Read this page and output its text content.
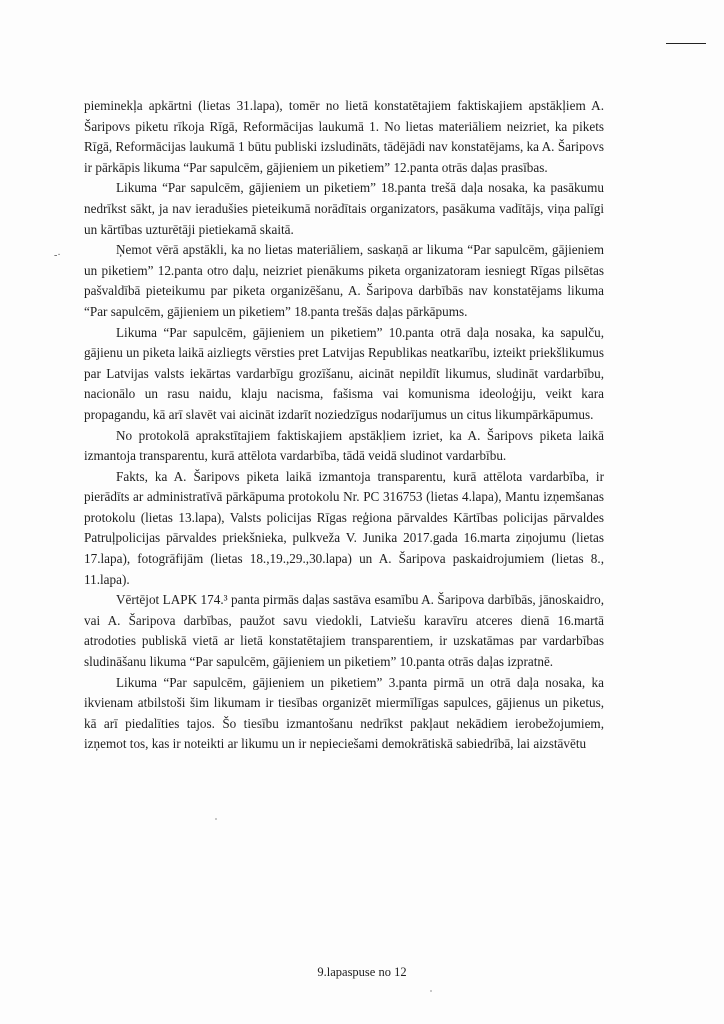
-·

pieminekļa apkārtni (lietas 31.lapa), tomēr no lietā konstatētajiem faktiskajiem apstākļiem A. Šaripovs piketu rīkoja Rīgā, Reformācijas laukumā 1. No lietas materiāliem neizriet, ka pikets Rīgā, Reformācijas laukumā 1 būtu publiski izsludināts, tādējādi nav konstatējams, ka A. Šaripovs ir pārkāpis likuma “Par sapulcēm, gājieniem un piketiem” 12.panta otrās daļas prasības.

Likuma “Par sapulcēm, gājieniem un piketiem” 18.panta trešā daļa nosaka, ka pasākumu nedrīkst sākt, ja nav ieradušies pieteikumā norādītais organizators, pasākuma vadītājs, viņa palīgi un kārtības uzturētāji pietiekamā skaitā.

Ņemot vērā apstākli, ka no lietas materiāliem, saskaņā ar likuma “Par sapulcēm, gājieniem un piketiem” 12.panta otro daļu, neizriet pienākums piketa organizatoram iesniegt Rīgas pilsētas pašvaldībā pieteikumu par piketa organizēšanu, A. Šaripova darbībās nav konstatējams likuma “Par sapulcēm, gājieniem un piketiem” 18.panta trešās daļas pārkāpums.

Likuma “Par sapulcēm, gājieniem un piketiem” 10.panta otrā daļa nosaka, ka sapulču, gājienu un piketa laikā aizliegts vērsties pret Latvijas Republikas neatkarību, izteikt priekšlikumus par Latvijas valsts iekārtas vardarbīgu grozīšanu, aicināt nepildīt likumus, sludināt vardarbību, nacionālo un rasu naidu, klaju nacisma, fašisma vai komunisma ideoloģiju, veikt kara propagandu, kā arī slavēt vai aicināt izdarīt noziedzīgus nodarījumus un citus likumpārkāpumus.

No protokolā aprakstītajiem faktiskajiem apstākļiem izriet, ka A. Šaripovs piketa laikā izmantoja transparentu, kurā attēlota vardarbība, tādā veidā sludinot vardarbību.

Fakts, ka A. Šaripovs piketa laikā izmantoja transparentu, kurā attēlota vardarbība, ir pierādīts ar administratīvā pārkāpuma protokolu Nr. PC 316753 (lietas 4.lapa), Mantu izņemšanas protokolu (lietas 13.lapa), Valsts policijas Rīgas reģiona pārvaldes Kārtības policijas pārvaldes Patruļpolicijas pārvaldes priekšnieka, pulkveža V. Junika 2017.gada 16.marta ziņojumu (lietas 17.lapa), fotogrāfijām (lietas 18.,19.,29.,30.lapa) un A. Šaripova paskaidrojumiem (lietas 8., 11.lapa).

Vērtējot LAPK 174.³ panta pirmās daļas sastāva esamību A. Šaripova darbībās, jānoskaidro, vai A. Šaripova darbības, paužot savu viedokli, Latviešu karavīru atceres dienā 16.martā atrodoties publiskā vietā ar lietā konstatētajiem transparentiem, ir uzskatāmas par vardarbības sludināšanu likuma “Par sapulcēm, gājieniem un piketiem” 10.panta otrās daļas izpratnē.

Likuma “Par sapulcēm, gājieniem un piketiem” 3.panta pirmā un otrā daļa nosaka, ka ikvienam atbilstoši šim likumam ir tiesības organizēt miermīlīgas sapulces, gājienus un piketus, kā arī piedalīties tajos. Šo tiesību izmantošanu nedrīkst pakļaut nekādiem ierobežojumiem, izņemot tos, kas ir noteikti ar likumu un ir nepieciešami demokrātiskā sabiedrībā, lai aizstāvētu

9.lapaspuse no 12
